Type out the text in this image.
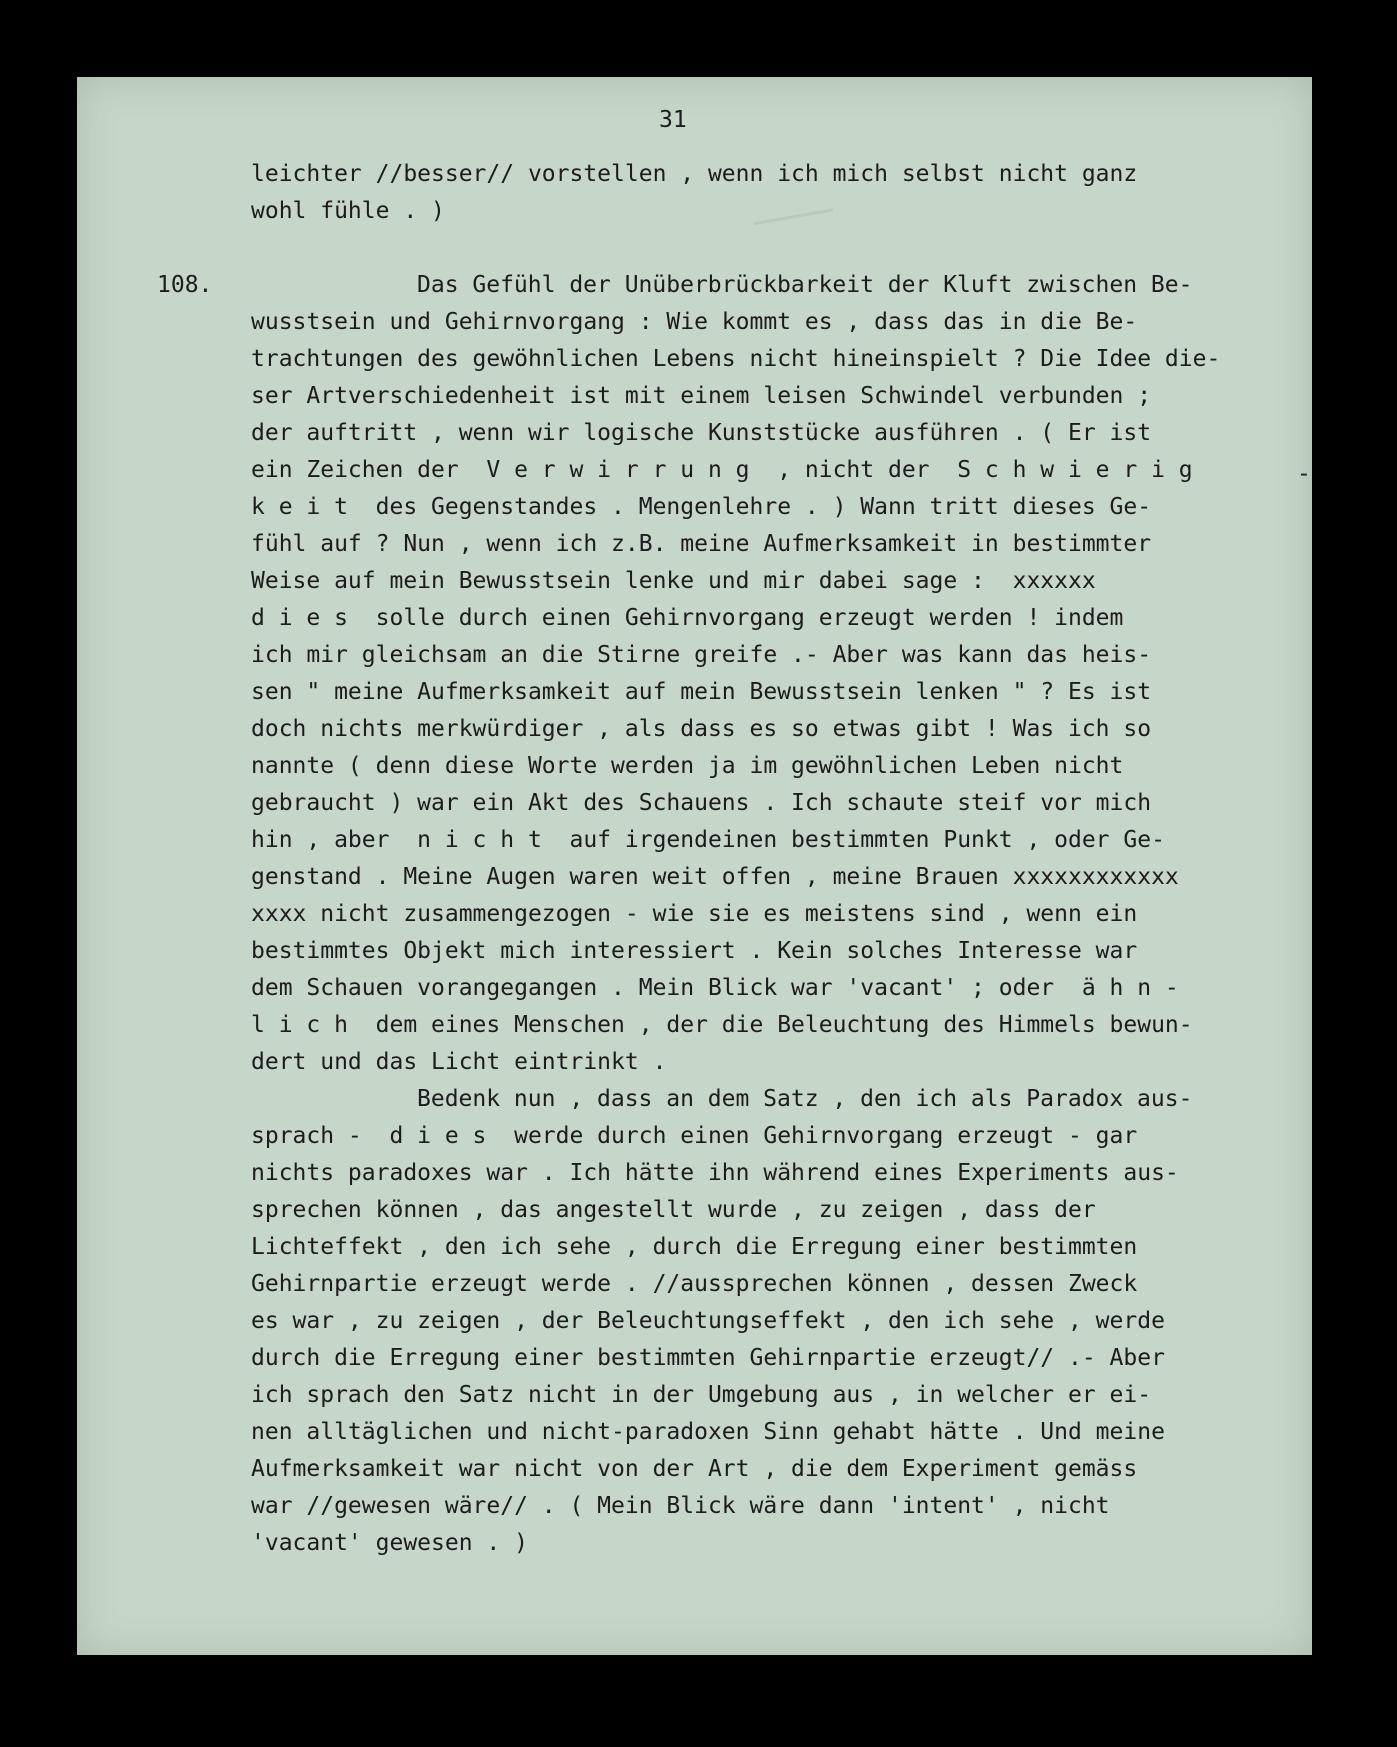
31
108.
leichter //besser// vorstellen , wenn ich mich selbst nicht ganz
wohl fühle . )
Das Gefühl der Unüberbrückbarkeit der Kluft zwischen Be-
wusstsein und Gehirnvorgang : Wie kommt es , dass das in die Be-
trachtungen des gewöhnlichen Lebens nicht hineinspielt ? Die Idee die-
ser Artverschiedenheit ist mit einem leisen Schwindel verbunden ;
der auftritt , wenn wir logische Kunststücke ausführen . ( Er ist
ein Zeichen der  V e r w i r r u n g  , nicht der  S c h w i e r i g	-
k e i t  des Gegenstandes . Mengenlehre . ) Wann tritt dieses Ge-
fühl auf ? Nun , wenn ich z.B. meine Aufmerksamkeit in bestimmter
Weise auf mein Bewusstsein lenke und mir dabei sage :  xxxxxx
d i e s  solle durch einen Gehirnvorgang erzeugt werden ! indem
ich mir gleichsam an die Stirne greife .- Aber was kann das heis-
sen " meine Aufmerksamkeit auf mein Bewusstsein lenken " ? Es ist
doch nichts merkwürdiger , als dass es so etwas gibt ! Was ich so
nannte ( denn diese Worte werden ja im gewöhnlichen Leben nicht
gebraucht ) war ein Akt des Schauens . Ich schaute steif vor mich
hin , aber  n i c h t  auf irgendeinen bestimmten Punkt , oder Ge-
genstand . Meine Augen waren weit offen , meine Brauen xxxxxxxxxxxx
xxxx nicht zusammengezogen - wie sie es meistens sind , wenn ein
bestimmtes Objekt mich interessiert . Kein solches Interesse war
dem Schauen vorangegangen . Mein Blick war 'vacant' ; oder  ä h n -
l i c h  dem eines Menschen , der die Beleuchtung des Himmels bewun-
dert und das Licht eintrinkt .
Bedenk nun , dass an dem Satz , den ich als Paradox aus-
sprach -  d i e s  werde durch einen Gehirnvorgang erzeugt - gar
nichts paradoxes war . Ich hätte ihn während eines Experiments aus-
sprechen können , das angestellt wurde , zu zeigen , dass der
Lichteffekt , den ich sehe , durch die Erregung einer bestimmten
Gehirnpartie erzeugt werde . //aussprechen können , dessen Zweck
es war , zu zeigen , der Beleuchtungseffekt , den ich sehe , werde
durch die Erregung einer bestimmten Gehirnpartie erzeugt// .- Aber
ich sprach den Satz nicht in der Umgebung aus , in welcher er ei-
nen alltäglichen und nicht-paradoxen Sinn gehabt hätte . Und meine
Aufmerksamkeit war nicht von der Art , die dem Experiment gemäss
war //gewesen wäre// . ( Mein Blick wäre dann 'intent' , nicht
'vacant' gewesen . )
